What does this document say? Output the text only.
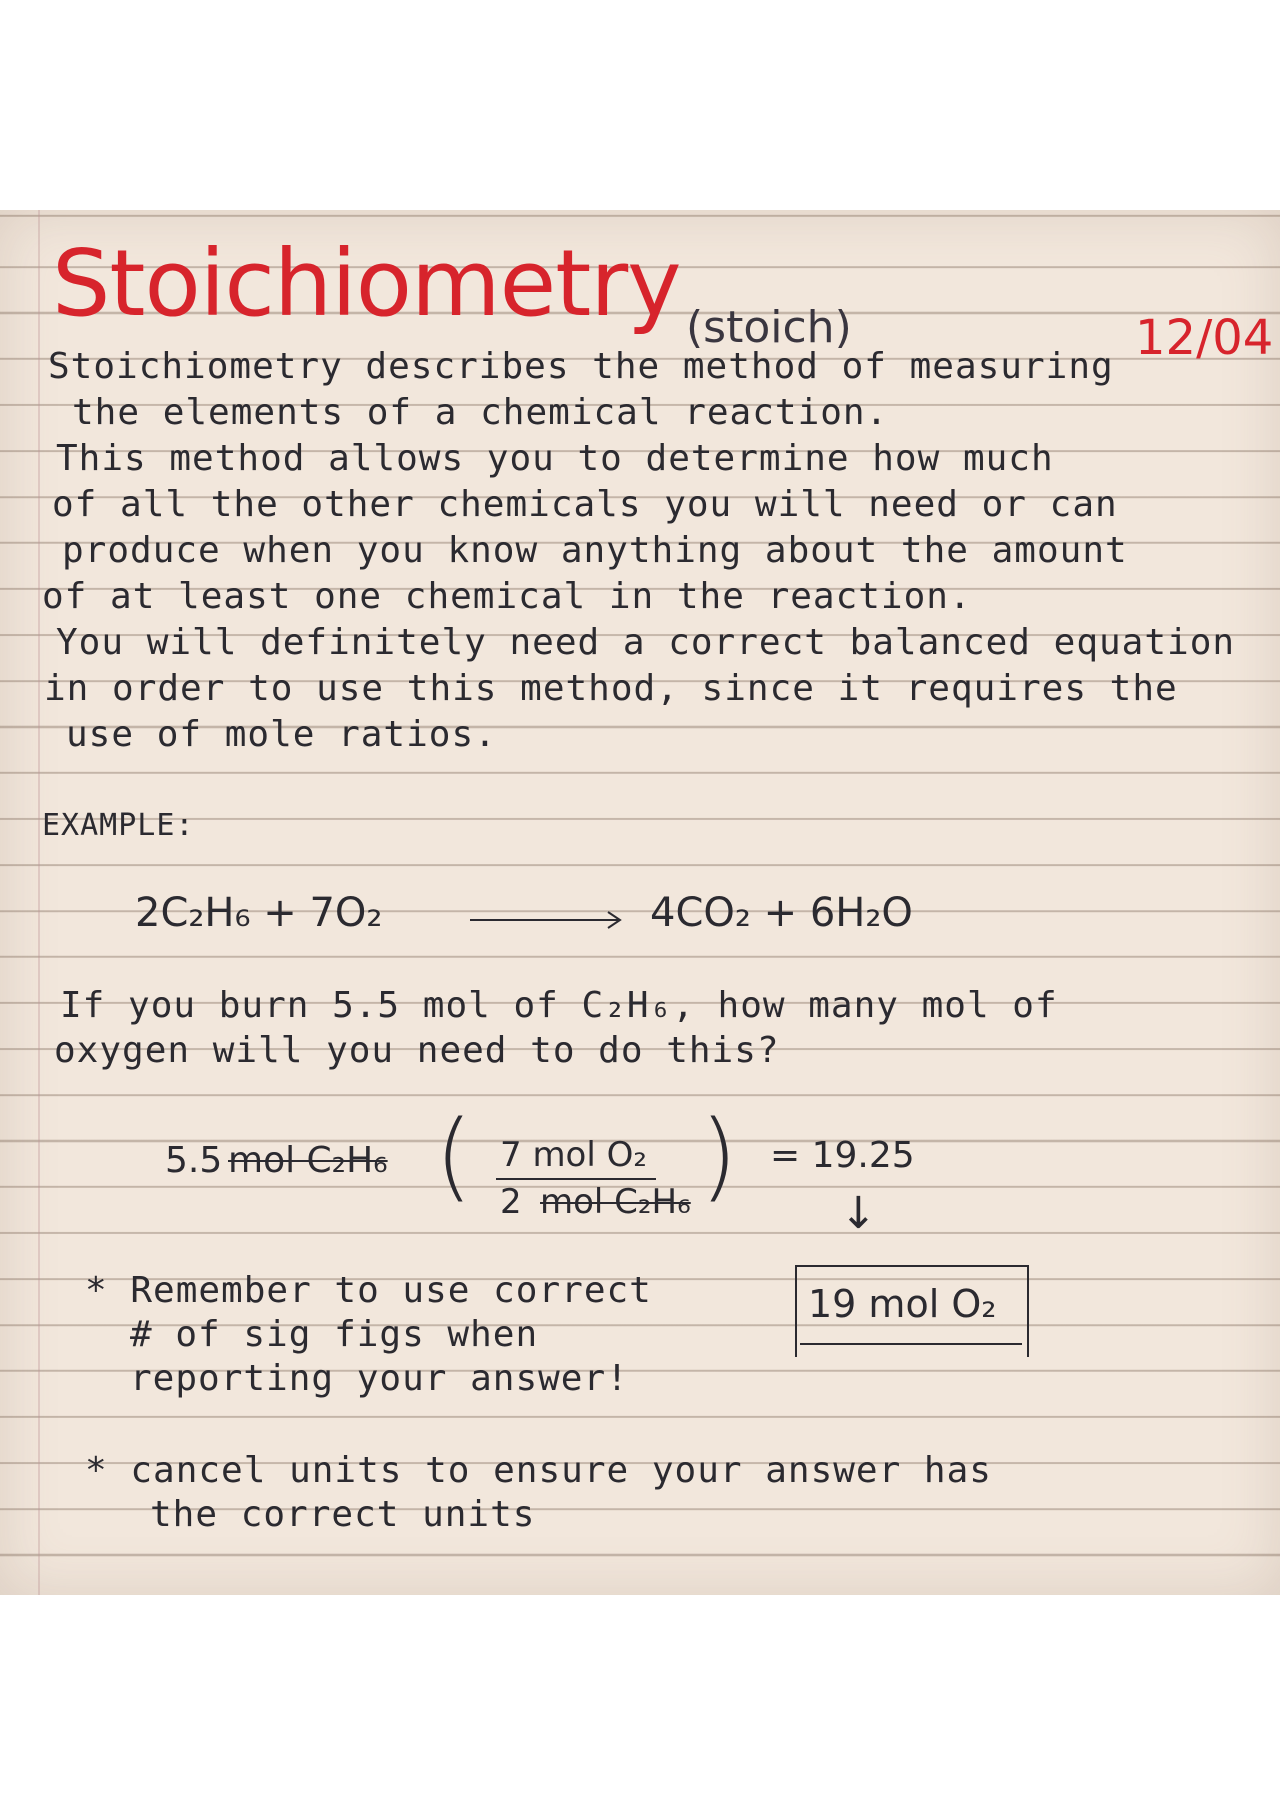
Stoichiometry (stoich)	12/04
Stoichiometry describes the method of measuring
the elements of a chemical reaction.
This method allows you to determine how much
of all the other chemicals you will need or can
produce when you know anything about the amount
of at least one chemical in the reaction.
You will definitely need a correct balanced equation
in order to use this method, since it requires the
use of mole ratios.
EXAMPLE:
2C₂H₆ + 7O₂	4CO₂ + 6H₂O
If you burn 5.5 mol of C₂H₆, how many mol of
oxygen will you need to do this?
5.5 mol C₂H₆ ( 7 mol O₂
2 mol C₂H₆ ) = 19.25
↓
19 mol O₂
* Remember to use correct
# of sig figs when
reporting your answer!
* cancel units to ensure your answer has
the correct units
